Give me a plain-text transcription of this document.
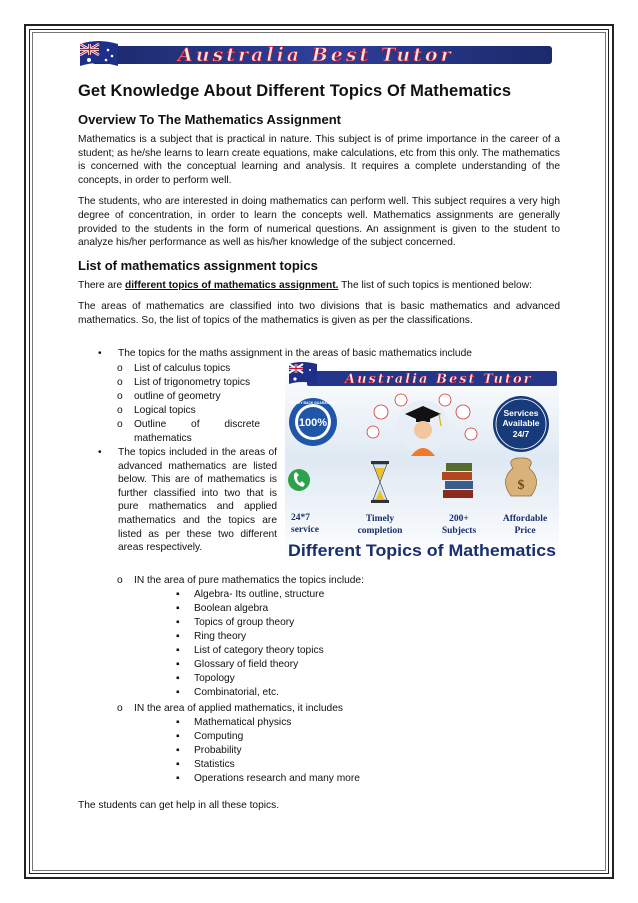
Australia Best Tutor
Get Knowledge About Different Topics Of Mathematics
Overview To The Mathematics Assignment

Mathematics is a subject that is practical in nature. This subject is of prime importance in the career of a student; as he/she learns to learn create equations, make calculations, etc from this only. The mathematics is concerned with the conceptual learning and analysis. It requires a complete understanding of the concepts, in order to perform well.

The students, who are interested in doing mathematics can perform well. This subject requires a very high degree of concentration, in order to learn the concepts well. Mathematics assignments are generally provided to the students in the form of numerical questions. An assignment is given to the student to analyze his/her performance as well as his/her knowledge of the subject concerned.

List of mathematics assignment topics

There are different topics of mathematics assignment. The list of such topics is mentioned below:

The areas of mathematics are classified into two divisions that is basic mathematics and advanced mathematics. So, the list of topics of the mathematics is given as per the classifications.

• The topics for the maths assignment in the areas of basic mathematics include
o List of calculus topics
o List of trigonometry topics
o outline of geometry
o Logical topics
o Outline of discrete mathematics
• The topics included in the areas of advanced mathematics are listed below. This are of mathematics is further classified into two that is pure mathematics and applied mathematics and the topics are listed as per these two different areas respectively.
o IN the area of pure mathematics the topics include:
▪ Algebra- Its outline, structure
▪ Boolean algebra
▪ Topics of group theory
▪ Ring theory
▪ List of category theory topics
▪ Glossary of field theory
▪ Topology
▪ Combinatorial, etc.
o IN the area of applied mathematics, it includes
▪ Mathematical physics
▪ Computing
▪ Probability
▪ Statistics
▪ Operations research and many more
The students can get help in all these topics.
Australia Best Tutor
100%
MONEY BACK GUARANTEE
Services
Available
24/7
$
24*7
service
Timely
completion
200+
Subjects
Affordable
Price
Different Topics of Mathematics
